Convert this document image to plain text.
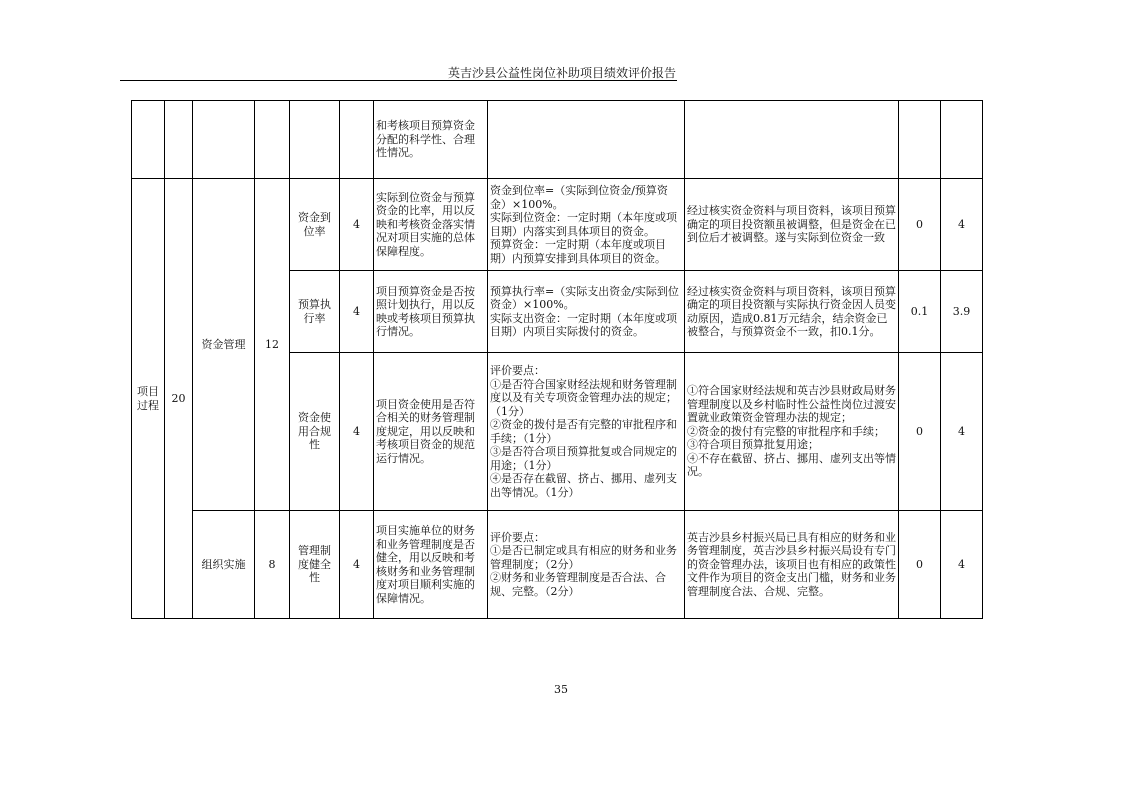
英吉沙县公益性岗位补助项目绩效评价报告
						和考核项目预算资金分配的科学性、合理性情况。				
项目过程	20	资金管理	12	资金到位率	4	实际到位资金与预算资金的比率，用以反映和考核资金落实情况对项目实施的总体保障程度。	资金到位率=（实际到位资金/预算资金）×100%。
实际到位资金：一定时期（本年度或项目期）内落实到具体项目的资金。
预算资金：一定时期（本年度或项目期）内预算安排到具体项目的资金。	经过核实资金资料与项目资料，该项目预算确定的项目投资额虽被调整，但是资金在已到位后才被调整。遂与实际到位资金一致	0	4
				预算执行率	4	项目预算资金是否按照计划执行，用以反映或考核项目预算执行情况。	预算执行率=（实际支出资金/实际到位资金）×100%。
实际支出资金：一定时期（本年度或项目期）内项目实际拨付的资金。	经过核实资金资料与项目资料，该项目预算确定的项目投资额与实际执行资金因人员变动原因，造成0.81万元结余，结余资金已被整合，与预算资金不一致，扣0.1分。	0.1	3.9
				资金使用合规性	4	项目资金使用是否符合相关的财务管理制度规定，用以反映和考核项目资金的规范运行情况。	评价要点：
①是否符合国家财经法规和财务管理制度以及有关专项资金管理办法的规定；（1分）
②资金的拨付是否有完整的审批程序和手续；（1分）
③是否符合项目预算批复或合同规定的用途；（1分）
④是否存在截留、挤占、挪用、虚列支出等情况。（1分）	①符合国家财经法规和英吉沙县财政局财务管理制度以及乡村临时性公益性岗位过渡安置就业政策资金管理办法的规定；
②资金的拨付有完整的审批程序和手续；
③符合项目预算批复用途；
④不存在截留、挤占、挪用、虚列支出等情况。	0	4
		组织实施	8	管理制度健全性	4	项目实施单位的财务和业务管理制度是否健全，用以反映和考核财务和业务管理制度对项目顺利实施的保障情况。	评价要点：
①是否已制定或具有相应的财务和业务管理制度；（2分）
②财务和业务管理制度是否合法、合规、完整。（2分）	英吉沙县乡村振兴局已具有相应的财务和业务管理制度，英吉沙县乡村振兴局设有专门的资金管理办法，该项目也有相应的政策性文件作为项目的资金支出门槛，财务和业务管理制度合法、合规、完整。	0	4
35
